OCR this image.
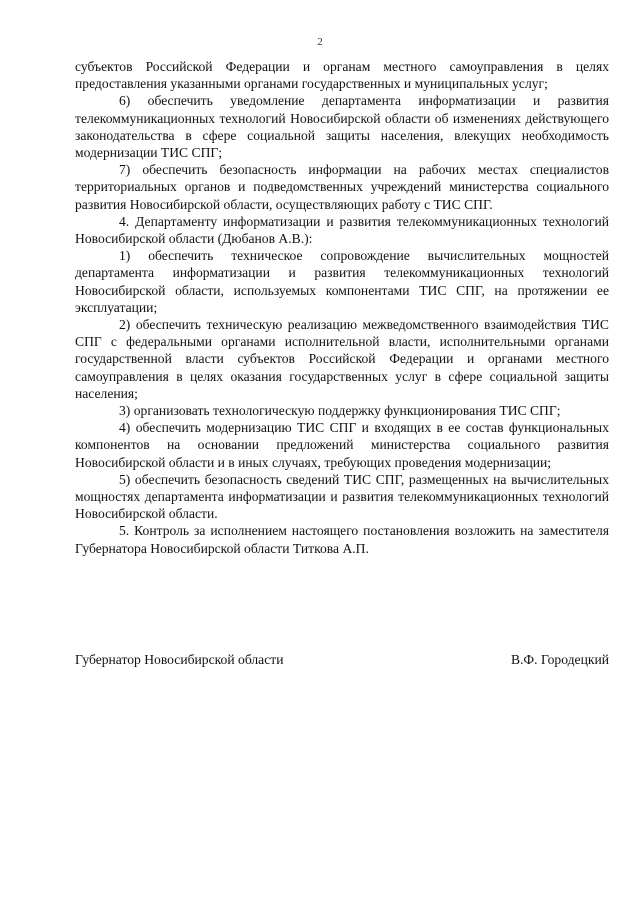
2

субъектов Российской Федерации и органам местного самоуправления в целях предоставления указанными органами государственных и муниципальных услуг;

6) обеспечить уведомление департамента информатизации и развития телекоммуникационных технологий Новосибирской области об изменениях действующего законодательства в сфере социальной защиты населения, влекущих необходимость модернизации ТИС СПГ;

7) обеспечить безопасность информации на рабочих местах специалистов территориальных органов и подведомственных учреждений министерства социального развития Новосибирской области, осуществляющих работу с ТИС СПГ.

4. Департаменту информатизации и развития телекоммуникационных технологий Новосибирской области (Дюбанов А.В.):

1) обеспечить техническое сопровождение вычислительных мощностей департамента информатизации и развития телекоммуникационных технологий Новосибирской области, используемых компонентами ТИС СПГ, на протяжении ее эксплуатации;

2) обеспечить техническую реализацию межведомственного взаимодействия ТИС СПГ с федеральными органами исполнительной власти, исполнительными органами государственной власти субъектов Российской Федерации и органами местного самоуправления в целях оказания государственных услуг в сфере социальной защиты населения;

3) организовать технологическую поддержку функционирования ТИС СПГ;

4) обеспечить модернизацию ТИС СПГ и входящих в ее состав функциональных компонентов на основании предложений министерства социального развития Новосибирской области и в иных случаях, требующих проведения модернизации;

5) обеспечить безопасность сведений ТИС СПГ, размещенных на вычислительных мощностях департамента информатизации и развития телекоммуникационных технологий Новосибирской области.

5. Контроль за исполнением настоящего постановления возложить на заместителя Губернатора Новосибирской области Титкова А.П.

Губернатор Новосибирской области	В.Ф. Городецкий
